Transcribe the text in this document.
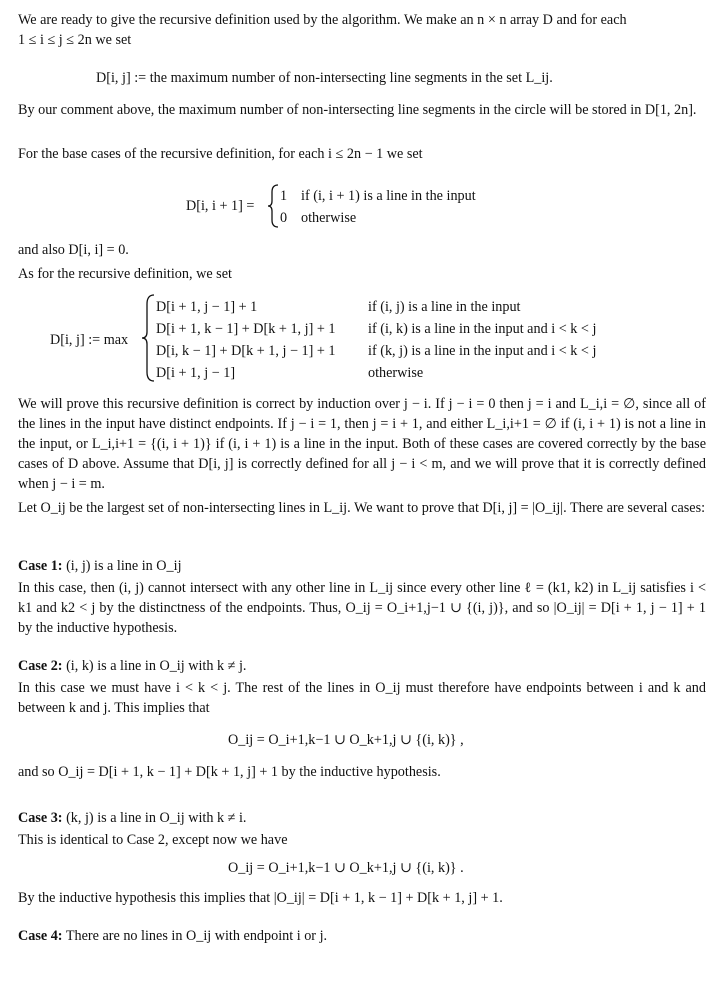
We are ready to give the recursive definition used by the algorithm. We make an n × n array D and for each

1 ≤ i ≤ j ≤ 2n we set

D[i, j] := the maximum number of non-intersecting line segments in the set L_ij.

By our comment above, the maximum number of non-intersecting line segments in the circle will be stored in D[1, 2n].

For the base cases of the recursive definition, for each i ≤ 2n − 1 we set

D[i, i + 1] =
1 if (i, i + 1) is a line in the input
0 otherwise

and also D[i, i] = 0.

As for the recursive definition, we set

D[i, j] := max
D[i + 1, j − 1] + 1	if (i, j) is a line in the input
D[i + 1, k − 1] + D[k + 1, j] + 1 if (i, k) is a line in the input and i < k < j
D[i, k − 1] + D[k + 1, j − 1] + 1 if (k, j) is a line in the input and i < k < j
D[i + 1, j − 1]	otherwise

We will prove this recursive definition is correct by induction over j − i. If j − i = 0 then j = i and L_i,i = ∅, since all of the lines in the input have distinct endpoints. If j − i = 1, then j = i + 1, and either L_i,i+1 = ∅ if (i, i + 1) is not a line in the input, or L_i,i+1 = {(i, i + 1)} if (i, i + 1) is a line in the input. Both of these cases are covered correctly by the base cases of D above. Assume that D[i, j] is correctly defined for all j − i < m, and we will prove that it is correctly defined when j − i = m.

Let O_ij be the largest set of non-intersecting lines in L_ij. We want to prove that D[i, j] = |O_ij|. There are several cases:

Case 1: (i, j) is a line in O_ij

In this case, then (i, j) cannot intersect with any other line in L_ij since every other line ℓ = (k1, k2) in L_ij satisfies i < k1 and k2 < j by the distinctness of the endpoints. Thus, O_ij = O_i+1,j−1 ∪ {(i, j)}, and so |O_ij| = D[i + 1, j − 1] + 1 by the inductive hypothesis.

Case 2: (i, k) is a line in O_ij with k ≠ j.

In this case we must have i < k < j. The rest of the lines in O_ij must therefore have endpoints between i and k and between k and j. This implies that

O_ij = O_i+1,k−1 ∪ O_k+1,j ∪ {(i, k)} ,

and so O_ij = D[i + 1, k − 1] + D[k + 1, j] + 1 by the inductive hypothesis.

Case 3: (k, j) is a line in O_ij with k ≠ i.

This is identical to Case 2, except now we have

O_ij = O_i+1,k−1 ∪ O_k+1,j ∪ {(i, k)} .

By the inductive hypothesis this implies that |O_ij| = D[i + 1, k − 1] + D[k + 1, j] + 1.

Case 4: There are no lines in O_ij with endpoint i or j.
